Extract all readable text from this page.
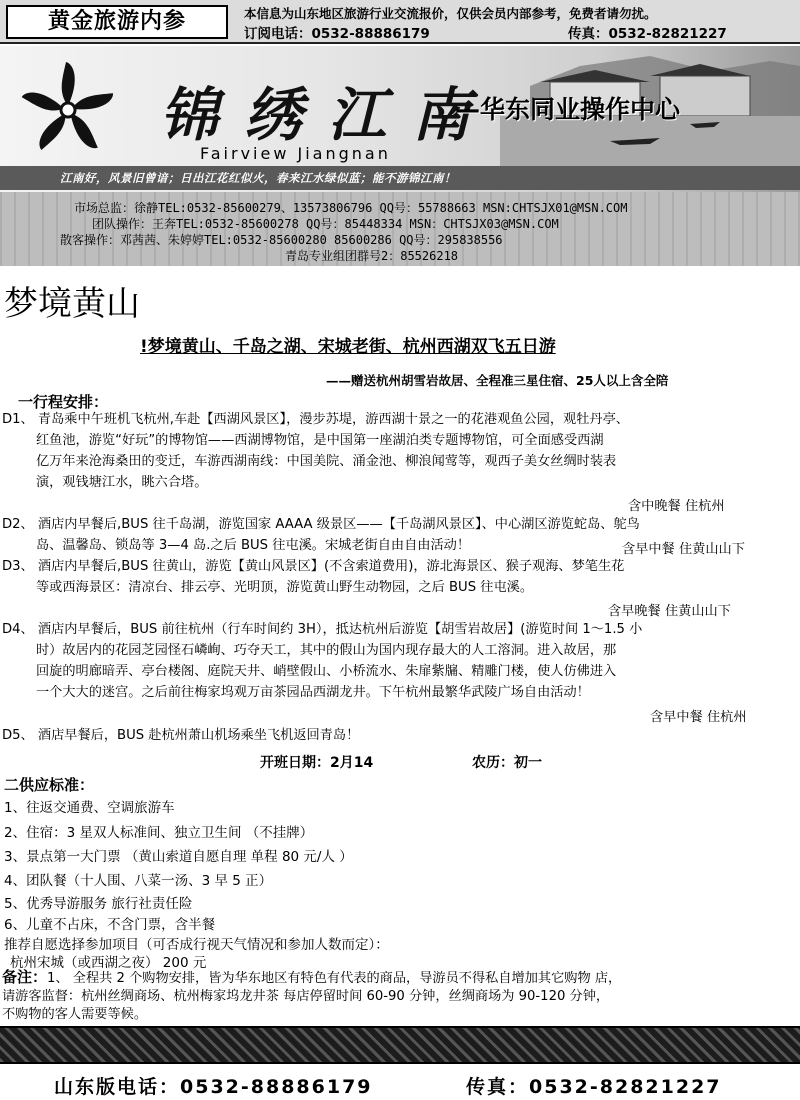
黄金旅游内参	本信息为山东地区旅游行业交流报价，仅供会员内部参考，免费者请勿扰。
订阅电话：0532-88886179	传真：0532-82821227
锦绣江南
—华东同业操作中心
Fairview Jiangnan
江南好，风景旧曾谙；日出江花红似火，春来江水绿似蓝；能不游锦江南！
市场总监：徐静TEL:0532-85600279、13573806796 QQ号：55788663 MSN:CHTSJX01@MSN.COM
团队操作：王奔TEL:0532-85600278 QQ号：85448334 MSN：CHTSJX03@MSN.COM
散客操作：邓茜茜、朱婷婷TEL:0532-85600280 85600286 QQ号：295838556
青岛专业组团群号2：85526218
梦境黄山
!梦境黄山、千岛之湖、宋城老街、杭州西湖双飞五日游
——赠送杭州胡雪岩故居、全程准三星住宿、25人以上含全陪
一行程安排：
D1、 青岛乘中午班机飞杭州,车赴【西湖风景区】，漫步苏堤，游西湖十景之一的花港观鱼公园，观牡丹亭、
红鱼池，游览“好玩”的博物馆——西湖博物馆，是中国第一座湖泊类专题博物馆，可全面感受西湖
亿万年来沧海桑田的变迁，车游西湖南线：中国美院、涌金池、柳浪闻莺等，观西子美女丝绸时装表
演，观钱塘江水，眺六合塔。
含中晚餐 住杭州
D2、 酒店内早餐后,BUS 往千岛湖，游览国家 AAAA 级景区——【千岛湖风景区】、中心湖区游览蛇岛、鸵鸟
岛、温馨岛、锁岛等 3—4 岛.之后 BUS 往屯溪。宋城老街自由自由活动！	含早中餐 住黄山山下
D3、 酒店内早餐后,BUS 往黄山，游览【黄山风景区】(不含索道费用)，游北海景区、猴子观海、梦笔生花
等或西海景区：清凉台、排云亭、光明顶，游览黄山野生动物园，之后 BUS 往屯溪。
含早晚餐 住黄山山下
D4、 酒店内早餐后，BUS 前往杭州（行车时间约 3H），抵达杭州后游览【胡雪岩故居】(游览时间 1～1.5 小
时）故居内的花园芝园怪石嶙峋、巧夺天工，其中的假山为国内现存最大的人工溶洞。进入故居，那
回旋的明廊暗弄、亭台楼阁、庭院天井、峭壁假山、小桥流水、朱扉紫牖、精雕门楼，使人仿佛进入
一个大大的迷宫。之后前往梅家坞观万亩茶园品西湖龙井。下午杭州最繁华武陵广场自由活动！
含早中餐 住杭州
D5、 酒店早餐后，BUS 赴杭州萧山机场乘坐飞机返回青岛！
开班日期：2月14	农历：初一
二供应标准：
1、往返交通费、空调旅游车
2、住宿：3 星双人标准间、独立卫生间 （不挂牌）
3、景点第一大门票 （黄山索道自愿自理 单程 80 元/人 ）
4、团队餐（十人围、八菜一汤、3 早 5 正）
5、优秀导游服务 旅行社责任险
6、儿童不占床，不含门票，含半餐
推荐自愿选择参加项目（可否成行视天气情况和参加人数而定）：
杭州宋城（或西湖之夜） 200 元
备注：1、 全程共 2 个购物安排，皆为华东地区有特色有代表的商品，导游员不得私自增加其它购物 店，
请游客监督：杭州丝绸商场、杭州梅家坞龙井茶 每店停留时间 60-90 分钟，丝绸商场为 90-120 分钟，
不购物的客人需要等候。
山东版电话：0532-88886179	传真：0532-82821227
